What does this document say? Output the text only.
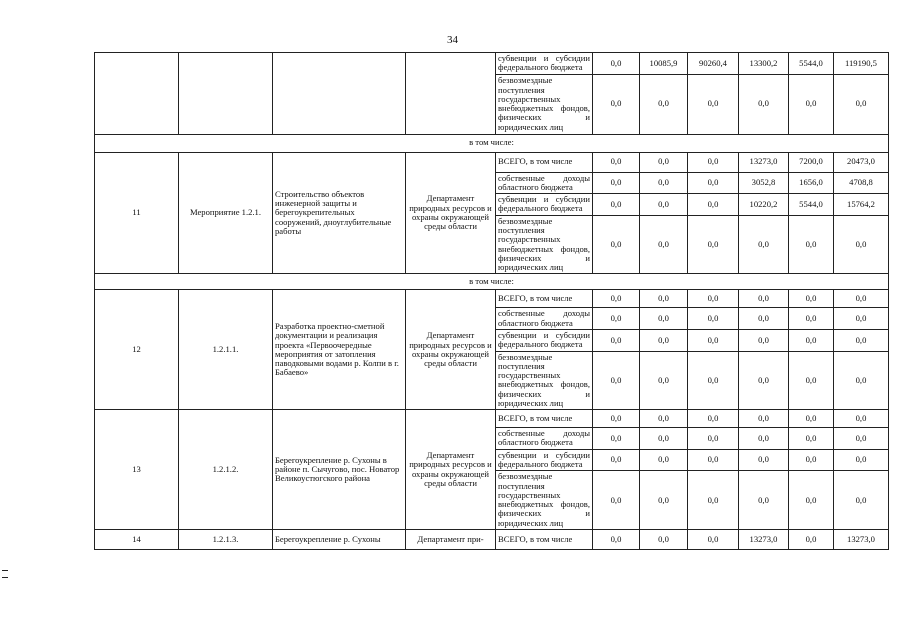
34
				субвенции и субсидии федерального бюджета	0,0	10085,9	90260,4	13300,2	5544,0	119190,5
				безвозмездные поступления государственных внебюджетных фондов, физических и юридических лиц	0,0	0,0	0,0	0,0	0,0	0,0
в том числе:										
11	Мероприятие 1.2.1.	Строительство объектов инженерной защиты и берегоукрепительных сооружений, дноуглубительные работы	Департамент природных ресурсов и охраны окружающей среды области	ВСЕГО, в том числе	0,0	0,0	0,0	13273,0	7200,0	20473,0
				собственные доходы областного бюджета	0,0	0,0	0,0	3052,8	1656,0	4708,8
				субвенции и субсидии федерального бюджета	0,0	0,0	0,0	10220,2	5544,0	15764,2
				безвозмездные поступления государственных внебюджетных фондов, физических и юридических лиц	0,0	0,0	0,0	0,0	0,0	0,0
в том числе:										
12	1.2.1.1.	Разработка проектно-сметной документации и реализация проекта «Первоочередные мероприятия от затопления паводковыми водами р. Колпи в г. Бабаево»	Департамент природных ресурсов и охраны окружающей среды области	ВСЕГО, в том числе	0,0	0,0	0,0	0,0	0,0	0,0
				собственные доходы областного бюджета	0,0	0,0	0,0	0,0	0,0	0,0
				субвенции и субсидии федерального бюджета	0,0	0,0	0,0	0,0	0,0	0,0
				безвозмездные поступления государственных внебюджетных фондов, физических и юридических лиц	0,0	0,0	0,0	0,0	0,0	0,0
13	1.2.1.2.	Берегоукрепление р. Сухоны в районе п. Сычугово, пос. Новатор Великоустюгского района	Департамент природных ресурсов и охраны окружающей среды области	ВСЕГО, в том числе	0,0	0,0	0,0	0,0	0,0	0,0
				собственные доходы областного бюджета	0,0	0,0	0,0	0,0	0,0	0,0
				субвенции и субсидии федерального бюджета	0,0	0,0	0,0	0,0	0,0	0,0
				безвозмездные поступления государственных внебюджетных фондов, физических и юридических лиц	0,0	0,0	0,0	0,0	0,0	0,0
14	1.2.1.3.	Берегоукрепление р. Сухоны	Департамент при-	ВСЕГО, в том числе	0,0	0,0	0,0	13273,0	0,0	13273,0
